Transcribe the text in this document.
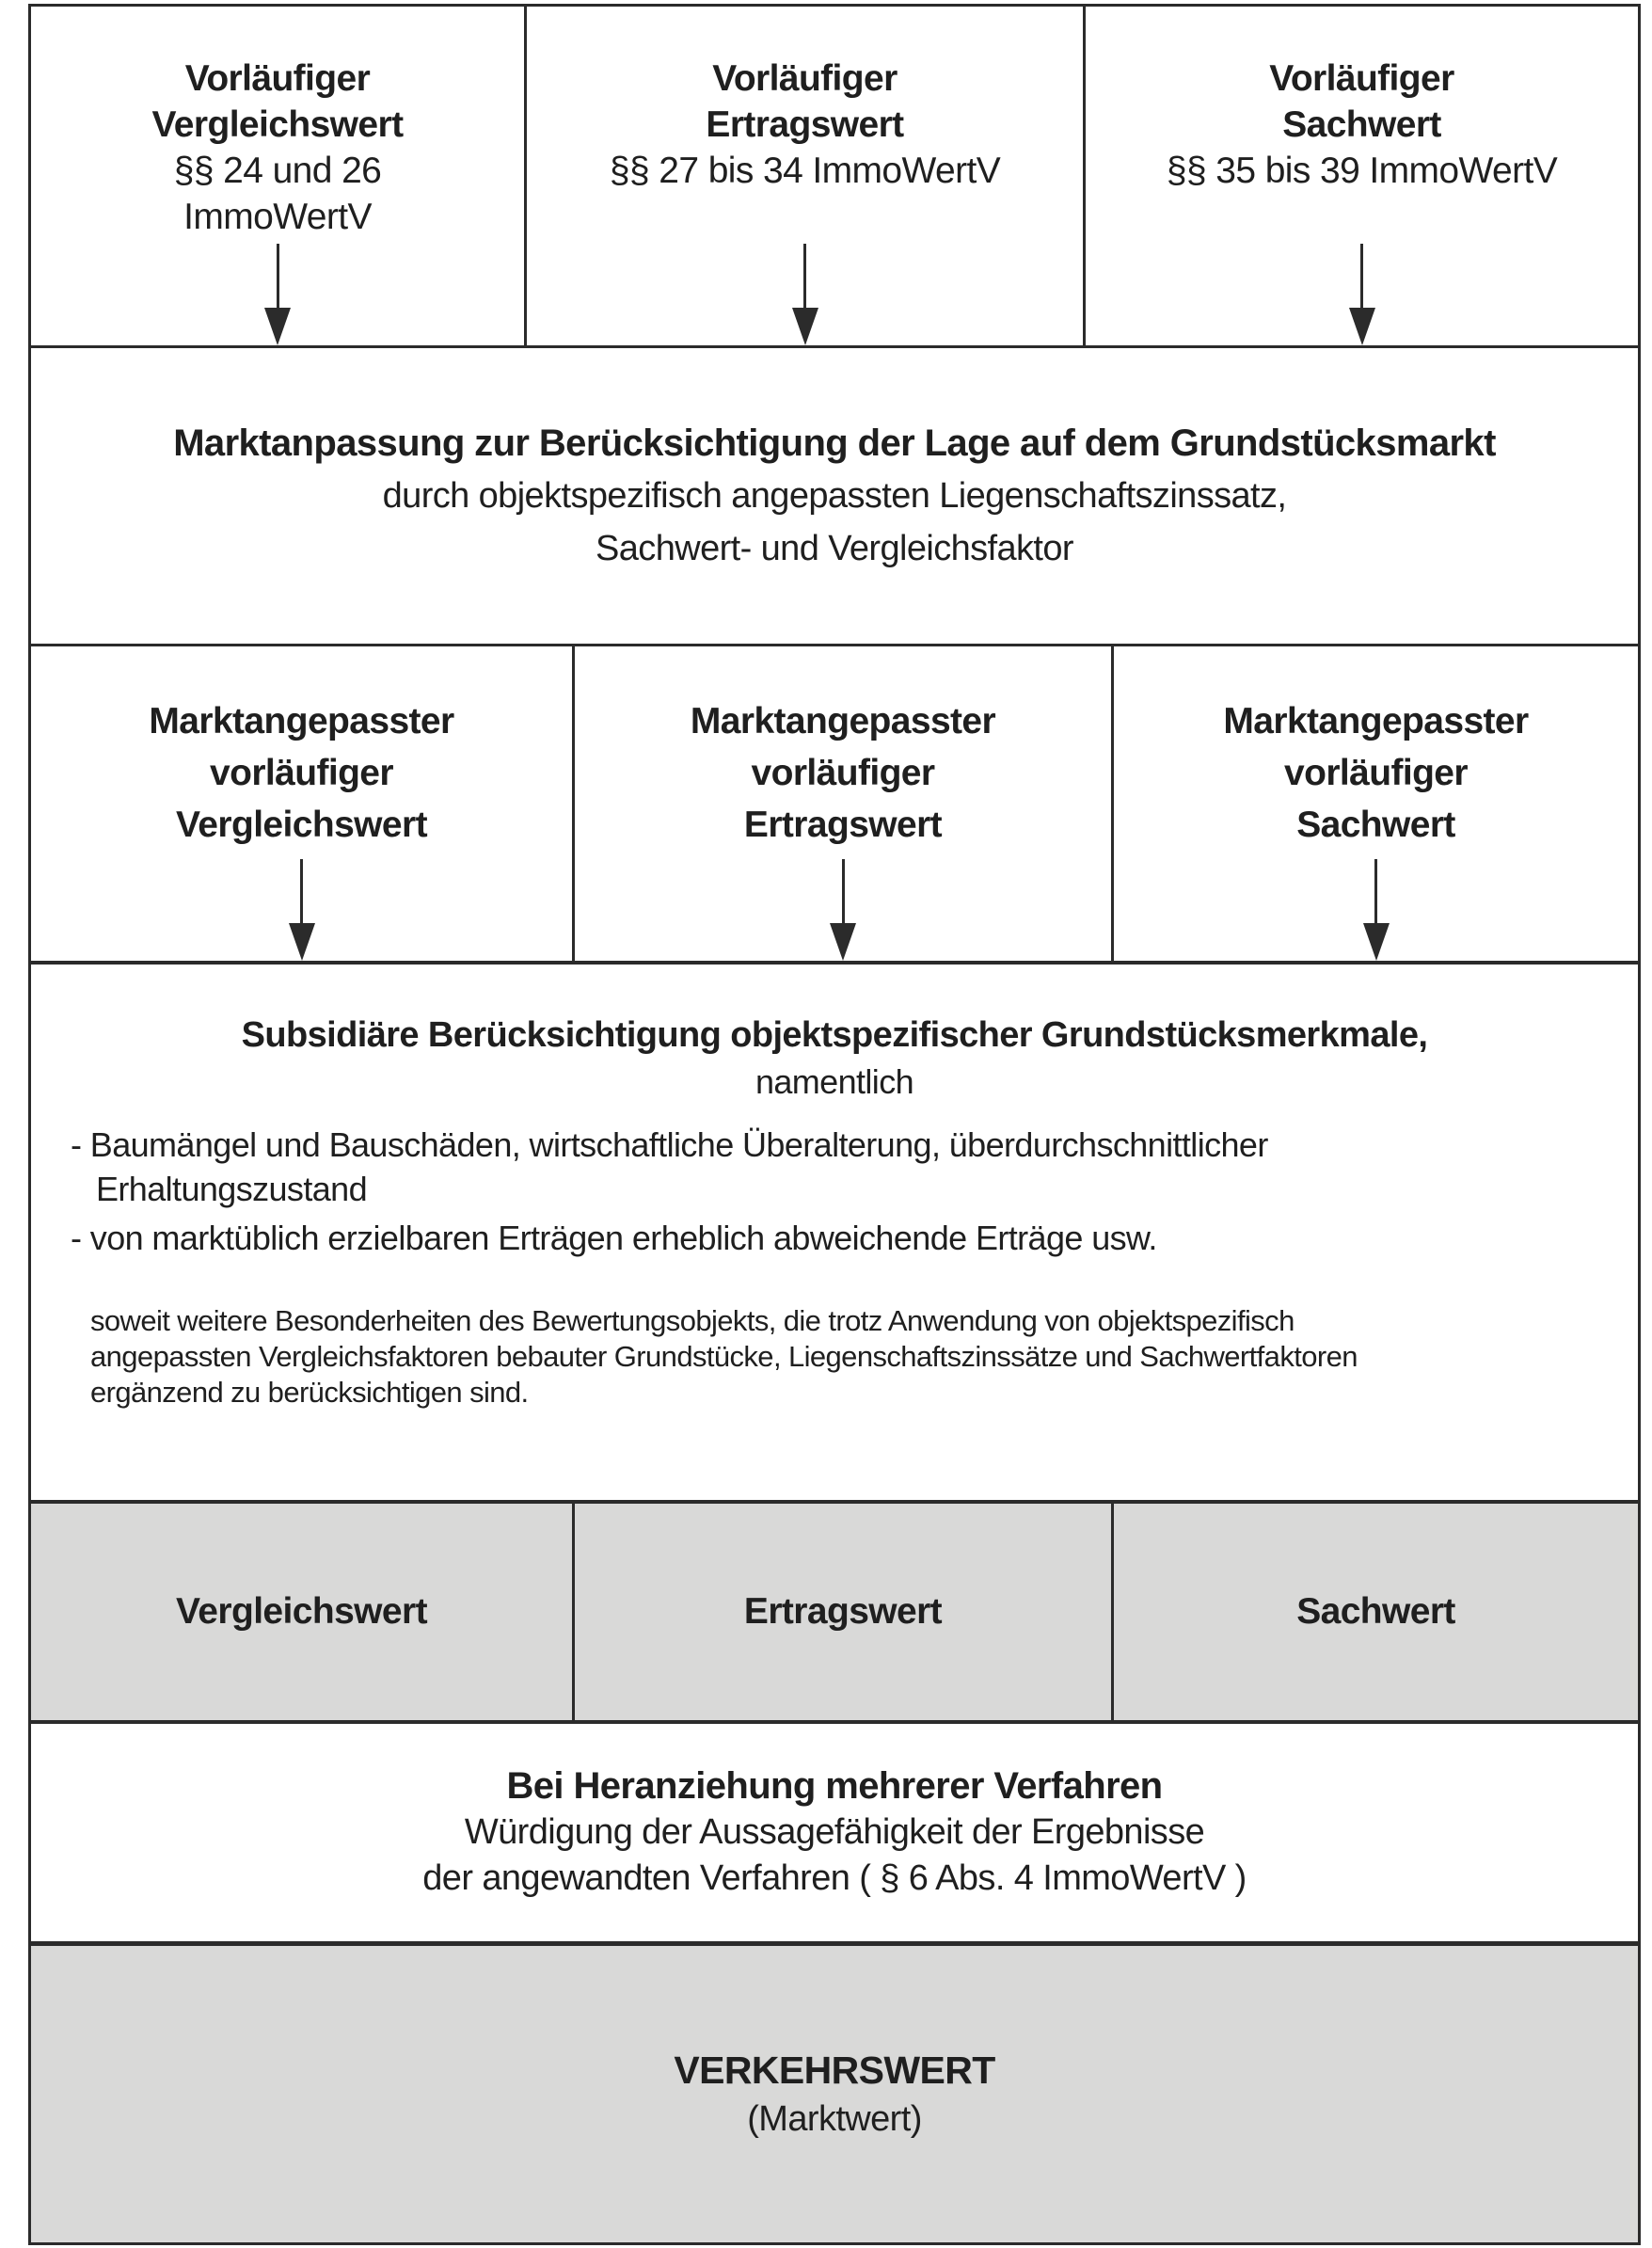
Vorläufiger
Vergleichswert
§§ 24 und 26
ImmoWertV
Vorläufiger
Ertragswert
§§ 27 bis 34 ImmoWertV
Vorläufiger
Sachwert
§§ 35 bis 39 ImmoWertV
Marktanpassung zur Berücksichtigung der Lage auf dem Grundstücksmarkt
durch objektspezifisch angepassten Liegenschaftszinssatz,
Sachwert- und Vergleichsfaktor
Marktangepasster
vorläufiger
Vergleichswert
Marktangepasster
vorläufiger
Ertragswert
Marktangepasster
vorläufiger
Sachwert
Subsidiäre Berücksichtigung objektspezifischer Grundstücksmerkmale,
namentlich
- Baumängel und Bauschäden, wirtschaftliche Überalterung, überdurchschnittlicher
Erhaltungszustand
- von marktüblich erzielbaren Erträgen erheblich abweichende Erträge usw.
soweit weitere Besonderheiten des Bewertungsobjekts, die trotz Anwendung von objektspezifisch
angepassten Vergleichsfaktoren bebauter Grundstücke, Liegenschaftszinssätze und Sachwertfaktoren
ergänzend zu berücksichtigen sind.
Vergleichswert	Ertragswert	Sachwert
Bei Heranziehung mehrerer Verfahren
Würdigung der Aussagefähigkeit der Ergebnisse
der angewandten Verfahren ( § 6 Abs. 4 ImmoWertV )
VERKEHRSWERT
(Marktwert)
